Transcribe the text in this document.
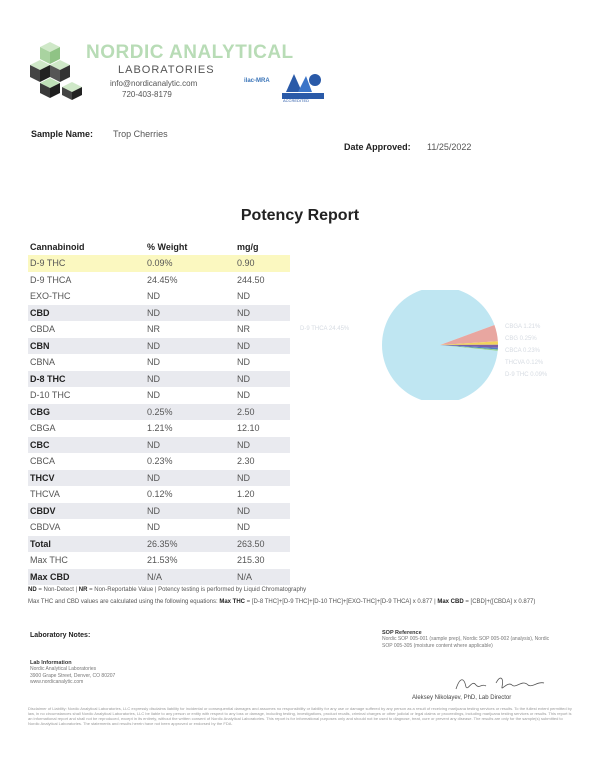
NORDIC ANALYTICAL
LABORATORIES
info@nordicanalytic.com
720-403-8179
ilac-MRA
ACCREDITED
Sample Name: Trop Cherries
Date Approved: 11/25/2022
Potency Report
Cannabinoid	% Weight	mg/g
D-9 THC	0.09%	0.90
D-9 THCA	24.45%	244.50
EXO-THC	ND	ND
CBD	ND	ND
CBDA	NR	NR
CBN	ND	ND
CBNA	ND	ND
D-8 THC	ND	ND
D-10 THC	ND	ND
CBG	0.25%	2.50
CBGA	1.21%	12.10
CBC	ND	ND
CBCA	0.23%	2.30
THCV	ND	ND
THCVA	0.12%	1.20
CBDV	ND	ND
CBDVA	ND	ND
Total	26.35%	263.50
Max THC	21.53%	215.30
Max CBD	N/A	N/A
D-9 THCA 24.45%	CBGA 1.21%
CBG 0.25%
CBCA 0.23%
THCVA 0.12%
D-9 THC 0.09%
ND = Non-Detect | NR = Non-Reportable Value | Potency testing is performed by Liquid Chromatography
Max THC and CBD values are calculated using the following equations: Max THC = [D-8 THC]+[D-9 THC]+[D-10 THC]+[EXO-THC]+[D-9 THCA] x 0.877 | Max CBD = [CBD]+([CBDA] x 0.877)
Laboratory Notes:
Lab Information
Nordic Analytical Laboratories
3900 Grape Street, Denver, CO 80207
www.nordicanalytic.com
SOP Reference
Nordic SOP 005-001 (sample prep), Nordic SOP 005-002 (analysis), Nordic SOP 005-305 (moisture content where applicable)
Aleksey Nikolayev, PhD, Lab Director
Disclaimer of Liability: Nordic Analytical Laboratories, LLC expressly disclaims liability for incidental or consequential damages and assumes no responsibility or liability for any use or damage suffered by any person as a result of receiving marijuana testing services or results. To the fullest extent permitted by law, in no circumstances shall Nordic Analytical Laboratories, LLC be liable to any person or entity with respect to any loss or damage, including testing, investigations, product recalls, criminal charges or other judicial or legal claims or proceedings, including marijuana testing services or results. This report is an informational report and shall not be reproduced, except in its entirety, without the written consent of Nordic Analytical Laboratories. This report is for informational purposes only and should not be used to diagnose, treat, cure or prevent any disease. The results are only for the sample(s) submitted to Nordic Analytical Laboratories. The statements and results herein have not been approved or endorsed by the FDA.
